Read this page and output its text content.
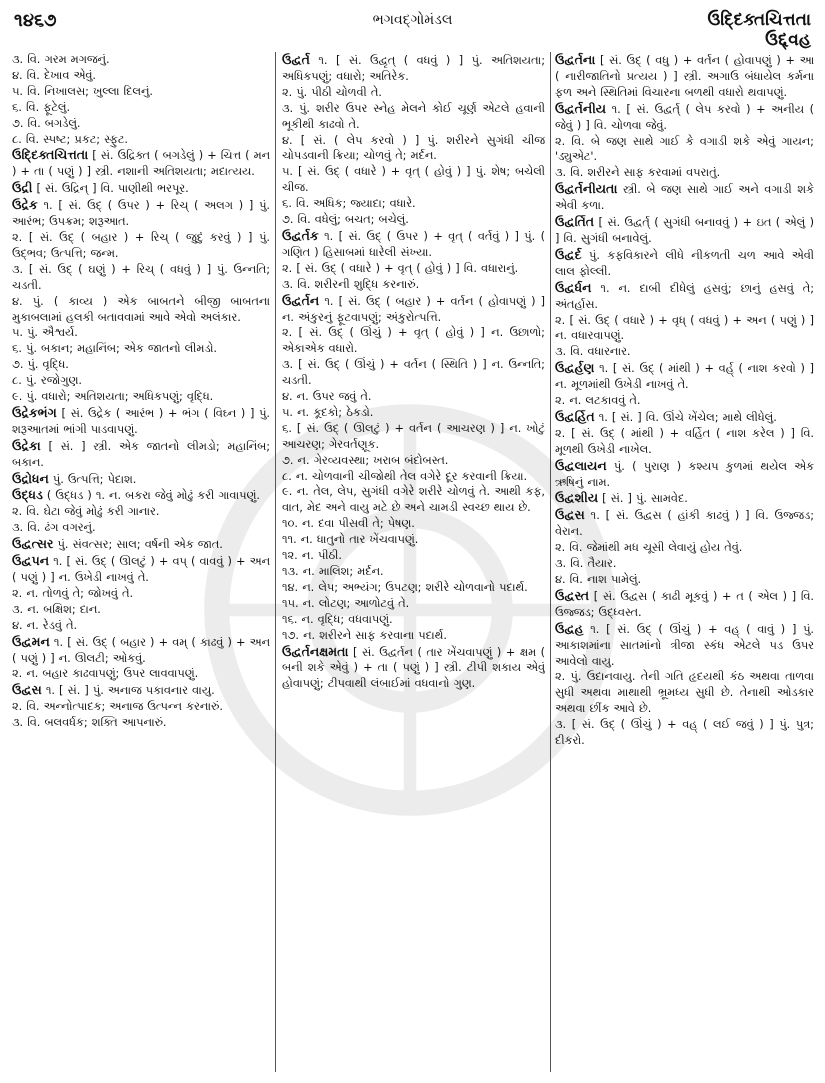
૧૪૬૭	ભગવદ્ગોમંડલ	ઉદ્દિક્તચિત્તતા
ઉદ્દ્વહ

૩. વિ. ગરમ મગજનું.

૪. વિ. દેખાવ એવું.

૫. વિ. નિખાલસ; ખુલ્લા દિલનું.

૬. વિ. ફૂટેલું.

૭. વિ. બગડેલું.

૮. વિ. સ્પષ્ટ; પ્રકટ; સ્ફુટ.

ઉદ્દિક્તચિત્તતા [ સં. ઉદ્રિક્ત ( બગડેલું ) + ચિત્ત ( મન ) + તા ( પણું ) ] સ્ત્રી. નશાની અતિશયતા; મદાત્યય.

ઉદ્રી [ સં. ઉદ્રિન્ ] વિ. પાણીથી ભરપૂર.

ઉદ્રેક ૧. [ સં. ઉદ્ ( ઉપર ) + રિચ્ ( અલગ ) ] પું. આરંભ; ઉપક્રમ; શરૂઆત.

૨. [ સં. ઉદ્ ( બહાર ) + રિચ્ ( જુદું કરવું ) ] પું. ઉદ્ભવ; ઉત્પત્તિ; જન્મ.

૩. [ સં. ઉદ્ ( ઘણું ) + રિચ્ ( વધવું ) ] પું. ઉન્નતિ; ચડતી.

૪. પું. ( કાવ્ય ) એક બાબતને બીજી બાબતના મુકાબલામાં હલકી બતાવવામાં આવે એવો અલંકાર.

૫. પું. ઐશ્વર્ય.

૬. પું. બકાન; મહાનિંબ; એક જાતનો લીમડો.

૭. પું. વૃદ્ધિ.

૮. પું. રજોગુણ.

૯. પું. વધારો; અતિશયતા; અધિકપણું; વૃદ્ધિ.

ઉદ્રેકભંગ [ સં. ઉદ્રેક ( આરંભ ) + ભંગ ( વિઘ્ન ) ] પું. શરૂઆતમાં ભાંગી પાડવાપણું.

ઉદ્રેકા [ સં. ] સ્ત્રી. એક જાતનો લીમડો; મહાનિંબ; બકાન.

ઉદ્રોધન પું. ઉત્પત્તિ; પેદાશ.

ઉદ્ધડ ( ઉદ્ધડ ) ૧. ન. બકરા જેવું મોઢું કરી ગાવાપણું.

૨. વિ. ઘેટા જેવું મોઢું કરી ગાનાર.

૩. વિ. ઢંગ વગરનું.

ઉદ્વત્સર પું. સંવત્સર; સાલ; વર્ષની એક જાત.

ઉદ્વપન ૧. [ સં. ઉદ્ ( ઊલટું ) + વપ્ ( વાવવું ) + અન ( પણું ) ] ન. ઉખેડી નાખવું તે.

૨. ન. તોળવું તે; જોખવું તે.

૩. ન. બક્ષિશ; દાન.

૪. ન. રેડવું તે.

ઉદ્વમન ૧. [ સં. ઉદ્ ( બહાર ) + વમ્ ( કાઢવું ) + અન ( પણું ) ] ન. ઊલટી; ઓકવું.

૨. ન. બહાર કાઢવાપણું; ઉપર લાવવાપણું.

ઉદ્વસ ૧. [ સં. ] પું. અનાજ પકાવનાર વાયુ.

૨. વિ. અન્નોત્પાદક; અનાજ ઉત્પન્ન કરનારું.

૩. વિ. બલવર્ધક; શક્તિ આપનારું.

ઉદ્વર્ત ૧. [ સં. ઉદ્વૃત્ ( વધવું ) ] પું. અતિશયતા; અધિકપણું; વધારો; અતિરેક.

૨. પું. પીઠી ચોળવી તે.

૩. પું. શરીર ઉપર સ્નેહ મેલને કોઈ ચૂર્ણ એટલે હવાની ભૂકીથી કાઢવો તે.

૪. [ સં. ( લેપ કરવો ) ] પું. શરીરને સુગંધી ચીજ ચોપડવાની ક્રિયા; ચોળવું તે; મર્દન.

૫. [ સં. ઉદ્ ( વધારે ) + વૃત્ ( હોવું ) ] પું. શેષ; બચેલી ચીજ.

૬. વિ. અધિક; જ્યાદા; વધારે.

૭. વિ. વધેલું; બચત; બચેલું.

ઉદ્વર્તક ૧. [ સં. ઉદ્ ( ઉપર ) + વૃત્ ( વર્તવું ) ] પું. ( ગણિત ) હિસાબમાં ધારેલી સંખ્યા.

૨. [ સં. ઉદ્ ( વધારે ) + વૃત્ ( હોવું ) ] વિ. વધારાનું.

૩. વિ. શરીરની શુદ્ધિ કરનારું.

ઉદ્વર્તન ૧. [ સં. ઉદ્ ( બહાર ) + વર્તન ( હોવાપણું ) ] ન. અંકુરનું ફૂટવાપણું; અંકુરોત્પત્તિ.

૨. [ સં. ઉદ્ ( ઊંચું ) + વૃત્ ( હોવું ) ] ન. ઉછાળો; એકાએક વધારો.

૩. [ સં. ઉદ્ ( ઊંચું ) + વર્તન ( સ્થિતિ ) ] ન. ઉન્નતિ; ચડતી.

૪. ન. ઉપર જવું તે.

૫. ન. કૂદકો; ઠેકડો.

૬. [ સં. ઉદ્ ( ઊલટું ) + વર્તન ( આચરણ ) ] ન. ખોટું આચરણ; ગેરવર્તણૂક.

૭. ન. ગેરવ્યવસ્થા; ખરાબ બંદોબસ્ત.

૮. ન. ચોળવાની ચીજોથી તેલ વગેરે દૂર કરવાની ક્રિયા.

૯. ન. તેલ, લેપ, સુગંધી વગેરે શરીરે ચોળવું તે. આથી કફ, વાત, મેદ અને વાયુ મટે છે અને ચામડી સ્વચ્છ થાય છે.

૧૦. ન. દવા પીસવી તે; પેષણ.

૧૧. ન. ધાતુનો તાર ખેંચવાપણું.

૧૨. ન. પીઠી.

૧૩. ન. માલિશ; મર્દન.

૧૪. ન. લેપ; અભ્યંગ; ઉપટણ; શરીરે ચોળવાનો પદાર્થ.

૧૫. ન. લોટણ; આળોટવું તે.

૧૬. ન. વૃદ્ધિ; વધવાપણું.

૧૭. ન. શરીરને સાફ કરવાના પદાર્થ.

ઉદ્વર્તનક્ષમતા [ સં. ઉદ્વર્તન ( તાર ખેંચવાપણું ) + ક્ષમ ( બની શકે એવું ) + તા ( પણું ) ] સ્ત્રી. ટીપી શકાય એવું હોવાપણું; ટીપવાથી લંબાઈમાં વધવાનો ગુણ.

ઉદ્વર્તના [ સં. ઉદ્ ( વધુ ) + વર્તન ( હોવાપણું ) + આ ( નારીજાતિનો પ્રત્યય ) ] સ્ત્રી. અગાઉ બંધાયેલ કર્મના ફળ અને સ્થિતિમાં વિચારના બળથી વધારો થવાપણું.

ઉદ્વર્તનીય ૧. [ સં. ઉદ્વર્ત્ ( લેપ કરવો ) + અનીય ( જેવું ) ] વિ. ચોળવા જેવું.

૨. વિ. બે જણ સાથે ગાઈ કે વગાડી શકે એવું ગાયન; 'ડ્યુએટ'.

૩. વિ. શરીરને સાફ કરવામાં વપરાતું.

ઉદ્વર્તનીયતા સ્ત્રી. બે જણ સાથે ગાઈ અને વગાડી શકે એવી કળા.

ઉદ્વર્તિત [ સં. ઉદ્વર્ત્ ( સુગંધી બનાવવું ) + ઇત ( એલું ) ] વિ. સુગંધી બનાવેલું.

ઉદ્વર્દ પું. કફવિકારને લીધે નીકળતી ચળ આવે એવી લાલ ફોલ્લી.

ઉદ્વર્ધન ૧. ન. દાબી દીધેલું હસવું; છાનું હસવું તે; અંતર્હાસ.

૨. [ સં. ઉદ્ ( વધારે ) + વૃધ્ ( વધવું ) + અન ( પણું ) ] ન. વધારવાપણું.

૩. વિ. વધારનાર.

ઉદ્વર્હણ ૧. [ સં. ઉદ્ ( માંથી ) + વર્હ્ ( નાશ કરવો ) ] ન. મૂળમાંથી ઉખેડી નાખવું તે.

૨. ન. લટકાવવું તે.

ઉદ્વર્હિત ૧. [ સં. ] વિ. ઊંચે ખેંચેલ; માથે લીધેલું.

૨. [ સં. ઉદ્ ( માંથી ) + વર્હિત ( નાશ કરેલ ) ] વિ. મૂળથી ઉખેડી નાખેલ.

ઉદ્વલાયન પું. ( પુરાણ ) કશ્યપ કુળમાં થયેલ એક ઋષિનું નામ.

ઉદ્વશીય [ સં. ] પું. સામવેદ.

ઉદ્વસ ૧. [ સં. ઉદ્વસ ( હાંકી કાઢવું ) ] વિ. ઉજ્જડ; વેરાન.

૨. વિ. જેમાંથી મધ ચૂસી લેવાયું હોય તેવું.

૩. વિ. તૈયાર.

૪. વિ. નાશ પામેલું.

ઉદ્વસ્ત [ સં. ઉદ્વસ ( કાઢી મૂકવું ) + ત ( એલ ) ] વિ. ઉજ્જડ; ઉદ્ધ્વસ્ત.

ઉદ્વહ ૧. [ સં. ઉદ્ ( ઊંચું ) + વહ્ ( વાવું ) ] પું. આકાશમાંના સાતમાંનો ત્રીજા સ્કંધ એટલે પડ ઉપર આવેલો વાયુ.

૨. પું. ઉદાનવાયુ. તેની ગતિ હૃદયથી કંઠ અથવા તાળવા સુધી અથવા માથાથી ભ્રૂમધ્ય સુધી છે. તેનાથી ઓડકાર અથવા છીંક આવે છે.

૩. [ સં. ઉદ્ ( ઊંચું ) + વહ્ ( લઈ જવું ) ] પું. પુત્ર; દીકરો.
